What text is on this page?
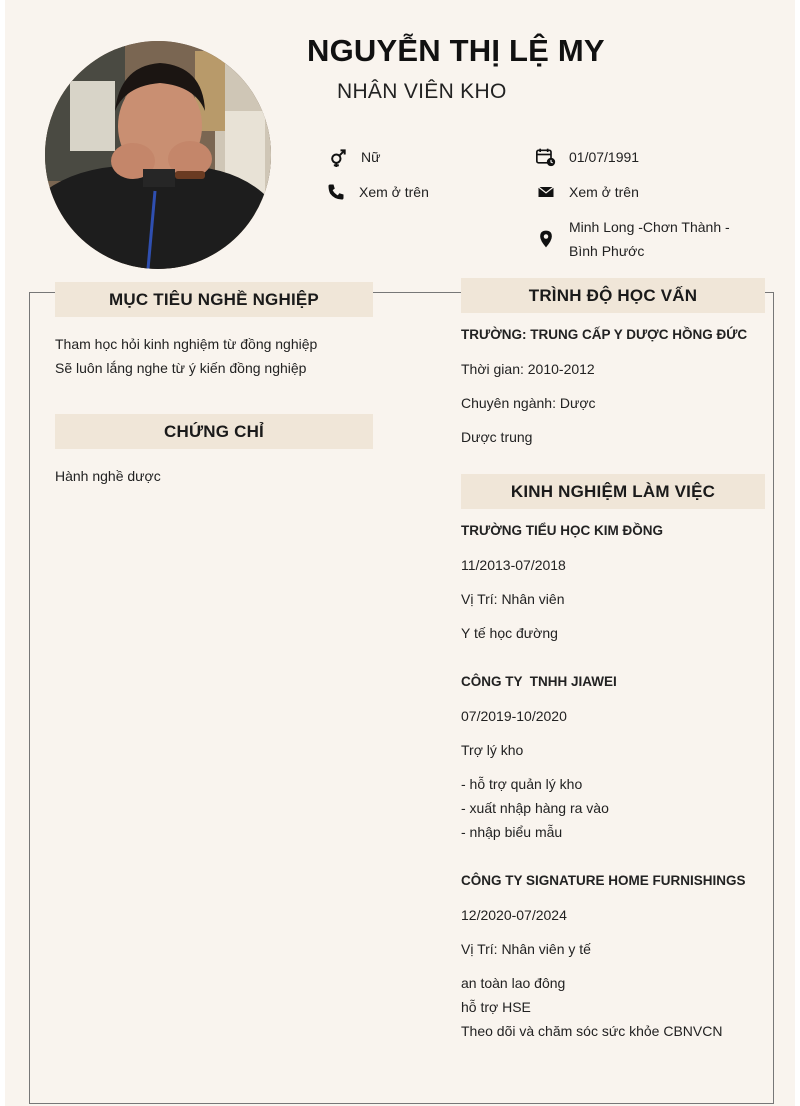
NGUYỄN THỊ LỆ MY
NHÂN VIÊN KHO
Nữ	01/07/1991
Xem ở trên	Xem ở trên
Minh Long -Chơn Thành -
Bình Phước
MỤC TIÊU NGHỀ NGHIỆP
Tham học hỏi kinh nghiệm từ đồng nghiệp
Sẽ luôn lắng nghe từ ý kiến đồng nghiệp
CHỨNG CHỈ
Hành nghề dược
TRÌNH ĐỘ HỌC VẤN
TRƯỜNG: TRUNG CẤP Y DƯỢC HỒNG ĐỨC
Thời gian: 2010-2012
Chuyên ngành: Dược
Dược trung
KINH NGHIỆM LÀM VIỆC
TRƯỜNG TIỂU HỌC KIM ĐỒNG
11/2013-07/2018
Vị Trí: Nhân viên
Y tế học đường
CÔNG TY  TNHH JIAWEI
07/2019-10/2020
Trợ lý kho
- hỗ trợ quản lý kho
- xuất nhập hàng ra vào
- nhập biểu mẫu
CÔNG TY SIGNATURE HOME FURNISHINGS
12/2020-07/2024
Vị Trí: Nhân viên y tế
an toàn lao đông
hỗ trợ HSE
Theo dõi và chăm sóc sức khỏe CBNVCN
